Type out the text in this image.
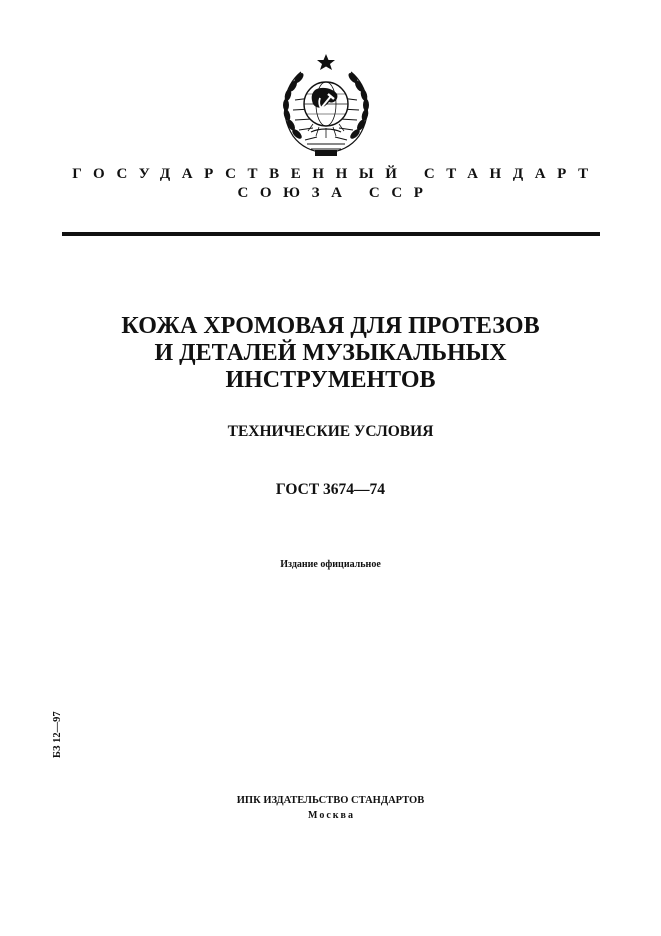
ГОСУДАРСТВЕННЫЙ СТАНДАРТ
СОЮЗА ССР
КОЖА ХРОМОВАЯ ДЛЯ ПРОТЕЗОВ
И ДЕТАЛЕЙ МУЗЫКАЛЬНЫХ
ИНСТРУМЕНТОВ
ТЕХНИЧЕСКИЕ УСЛОВИЯ
ГОСТ 3674—74
Издание официальное
БЗ 12—97
ИПК ИЗДАТЕЛЬСТВО СТАНДАРТОВ
Москва
